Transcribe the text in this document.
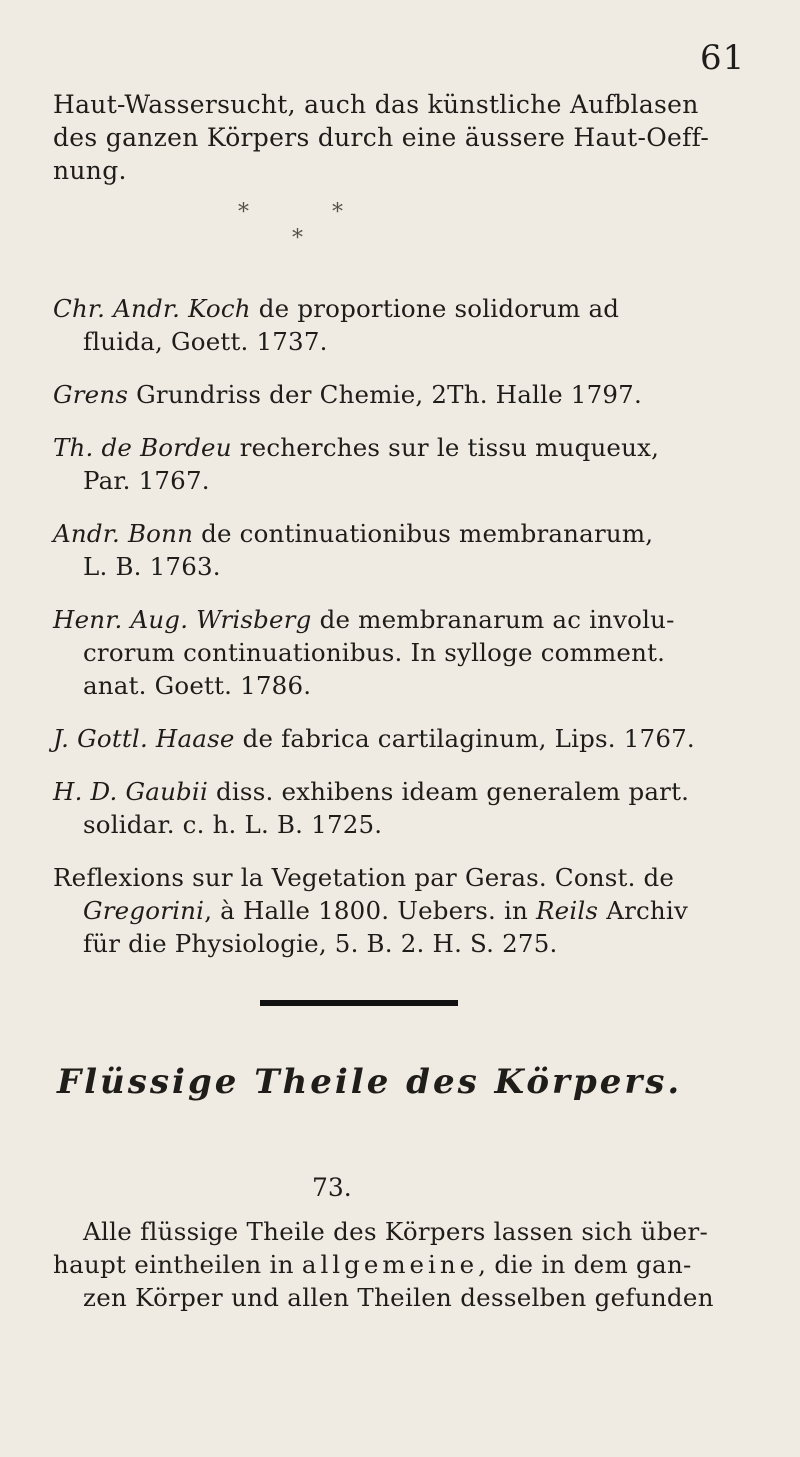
61

Haut-Wassersucht, auch das künstliche Aufblasen

des ganzen Körpers durch eine äussere Haut-Oeff-

nung.

*
*
*
Chr. Andr. Koch de proportione solidorum ad
fluida, Goett. 1737.
Grens Grundriss der Chemie, 2Th. Halle 1797.
Th. de Bordeu recherches sur le tissu muqueux,
Par. 1767.
Andr. Bonn de continuationibus membranarum,
L. B. 1763.
Henr. Aug. Wrisberg de membranarum ac involu-
crorum continuationibus. In sylloge comment.
anat. Goett. 1786.
J. Gottl. Haase de fabrica cartilaginum, Lips. 1767.
H. D. Gaubii diss. exhibens ideam generalem part.
solidar. c. h. L. B. 1725.
Reflexions sur la Vegetation par Geras. Const. de
Gregorini, à Halle 1800. Uebers. in Reils Archiv
für die Physiologie, 5. B. 2. H. S. 275.
Flüssige Theile des Körpers.
73.
Alle flüssige Theile des Körpers lassen sich über-
haupt eintheilen in allgemeine, die in dem gan-
zen Körper und allen Theilen desselben gefunden
